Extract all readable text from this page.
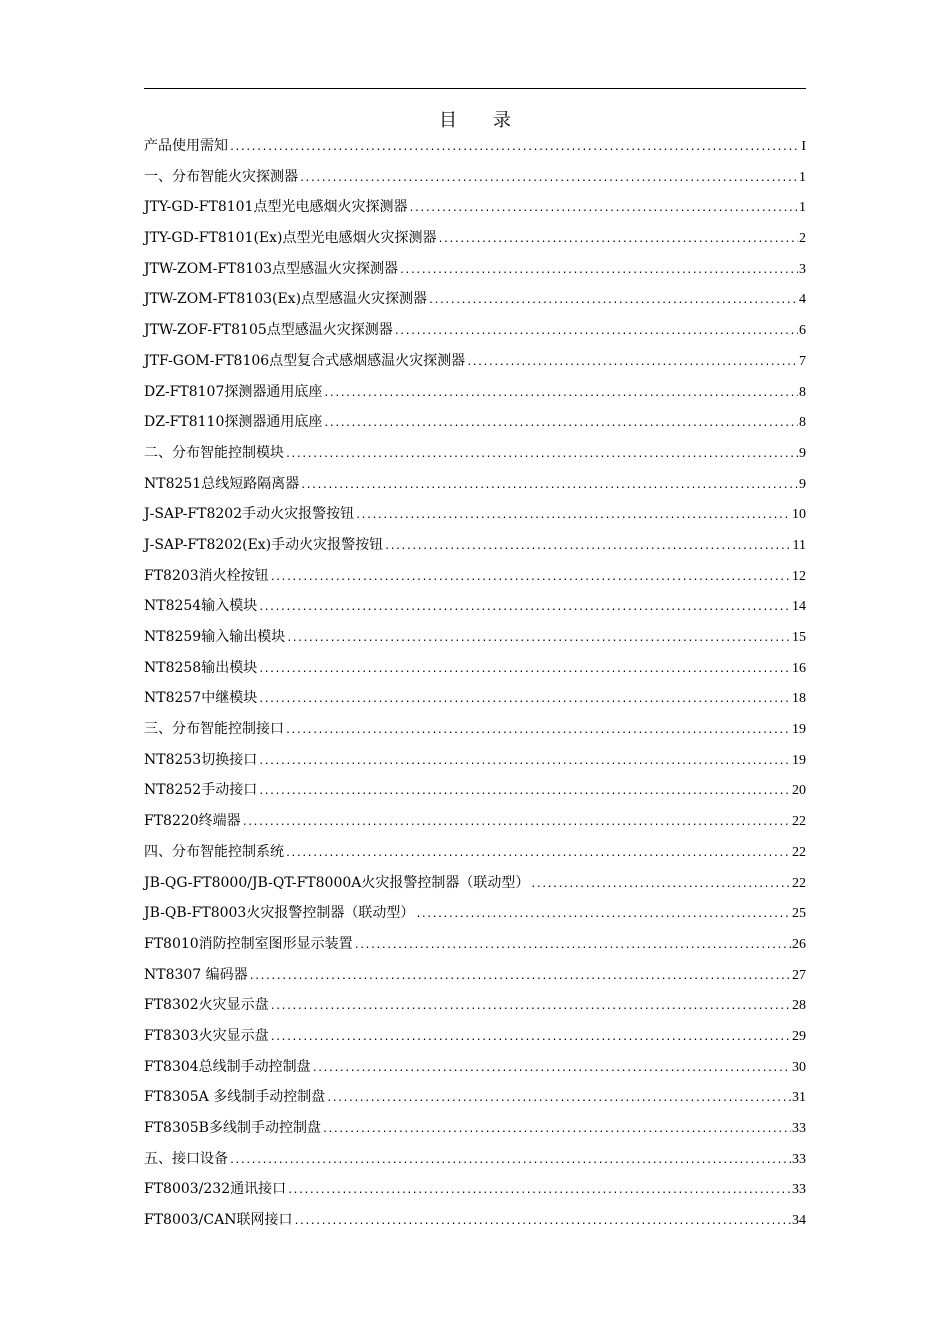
目　　录
产品使用需知 .....	I
一、分布智能火灾探测器 .....	1
JTY-GD-FT8101点型光电感烟火灾探测器 .....	1
JTY-GD-FT8101(Ex)点型光电感烟火灾探测器 .....	2
JTW-ZOM-FT8103点型感温火灾探测器 .....	3
JTW-ZOM-FT8103(Ex)点型感温火灾探测器 .....	4
JTW-ZOF-FT8105点型感温火灾探测器 .....	6
JTF-GOM-FT8106点型复合式感烟感温火灾探测器 .....	7
DZ-FT8107探测器通用底座 .....	8
DZ-FT8110探测器通用底座 .....	8
二、分布智能控制模块 .....	9
NT8251总线短路隔离器 .....	9
J-SAP-FT8202手动火灾报警按钮 .....	10
J-SAP-FT8202(Ex)手动火灾报警按钮 .....	11
FT8203消火栓按钮 .....	12
NT8254输入模块 .....	14
NT8259输入输出模块 .....	15
NT8258输出模块 .....	16
NT8257中继模块 .....	18
三、分布智能控制接口 .....	19
NT8253切换接口 .....	19
NT8252手动接口 .....	20
FT8220终端器 .....	22
四、分布智能控制系统 .....	22
JB-QG-FT8000/JB-QT-FT8000A火灾报警控制器（联动型） .....	22
JB-QB-FT8003火灾报警控制器（联动型） .....	25
FT8010消防控制室图形显示装置 .....	26
NT8307 编码器 .....	27
FT8302火灾显示盘 .....	28
FT8303火灾显示盘 .....	29
FT8304总线制手动控制盘 .....	30
FT8305A 多线制手动控制盘 .....	31
FT8305B多线制手动控制盘 .....	33
五、接口设备 .....	33
FT8003/232通讯接口 .....	33
FT8003/CAN联网接口 .....	34
